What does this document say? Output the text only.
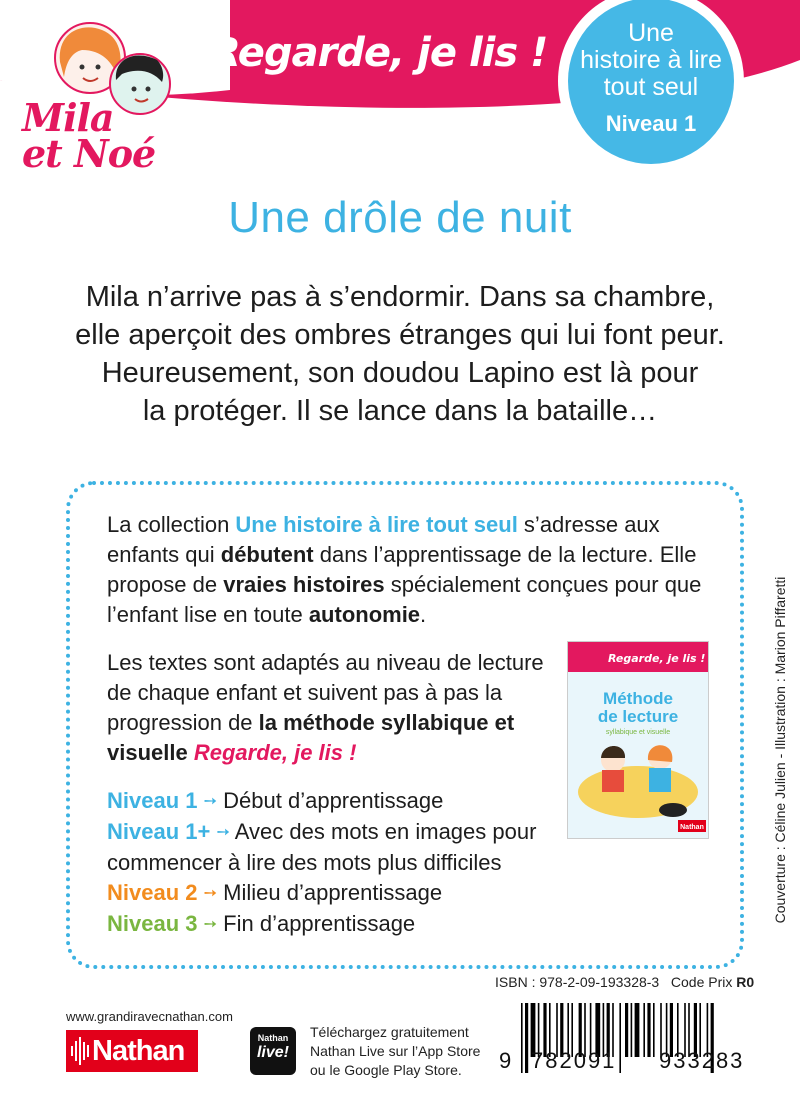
Mila
et Noé
Regarde, je lis !	Une
histoire à lire
tout seul
Niveau 1
Une drôle de nuit
Mila n’arrive pas à s’endormir. Dans sa chambre,
elle aperçoit des ombres étranges qui lui font peur.
Heureusement, son doudou Lapino est là pour
la protéger. Il se lance dans la bataille…
La collection Une histoire à lire tout seul s’adresse aux enfants qui débutent dans l’apprentissage de la lecture. Elle propose de vraies histoires spécialement conçues pour que l’enfant lise en toute autonomie.
Les textes sont adaptés au niveau de lecture de chaque enfant et suivent pas à pas la progression de la méthode syllabique et visuelle Regarde, je lis !
Niveau 1 ➙ Début d’apprentissage
Niveau 1+ ➙ Avec des mots en images pour commencer à lire des mots plus difficiles
Niveau 2 ➙ Milieu d’apprentissage
Niveau 3 ➙ Fin d’apprentissage
Regarde, je lis !
Méthode
de lecture
syllabique et visuelle
Nathan	Couverture : Céline Julien - Illustration : Marion Piffaretti
ISBN : 978-2-09-193328-3 Code Prix R0
9 782091 933283
www.grandiravecnathan.com
Nathan	Nathan
live!
Téléchargez gratuitement
Nathan Live sur l’App Store
ou le Google Play Store.
